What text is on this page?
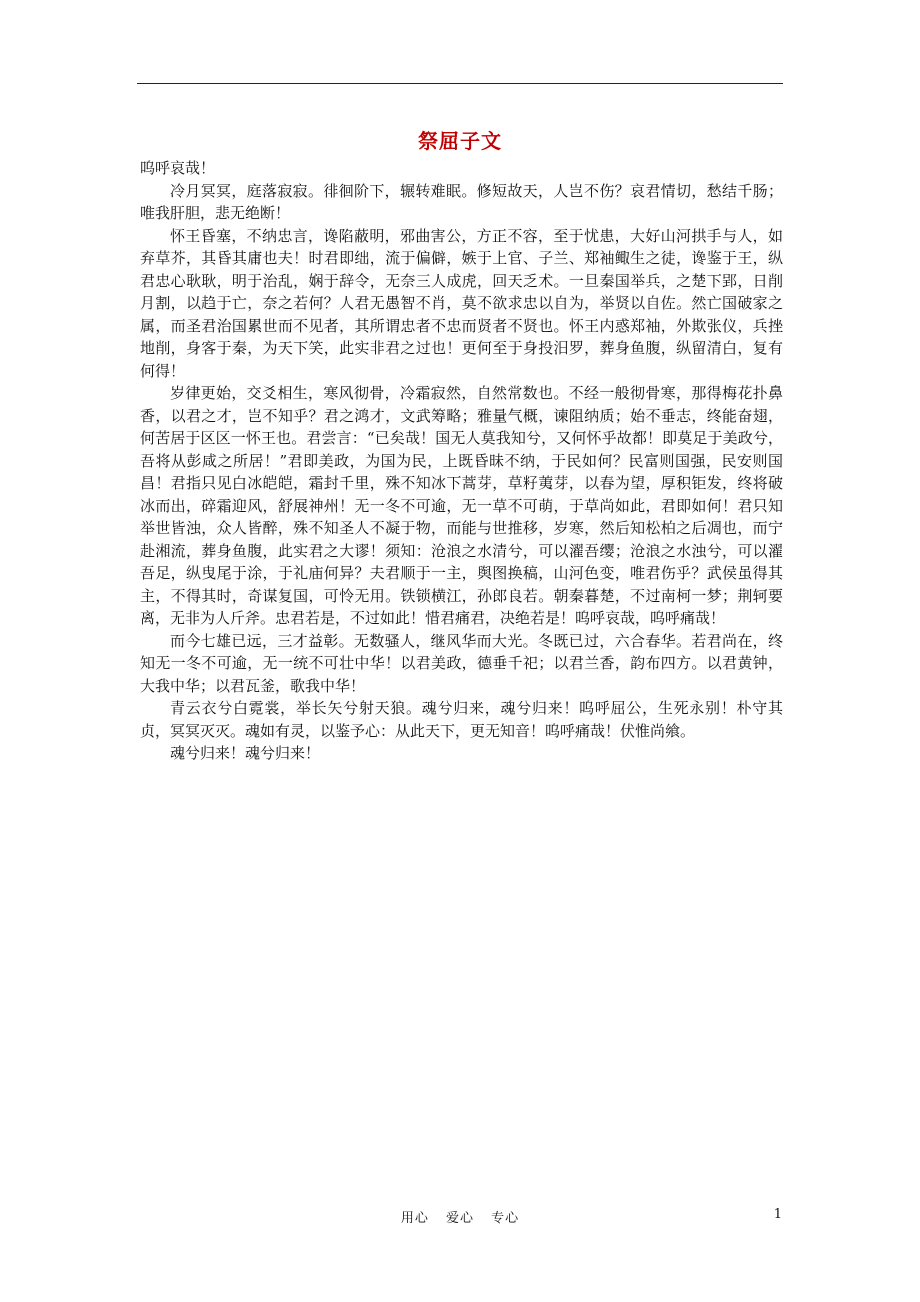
祭屈子文

呜呼哀哉！

冷月冥冥，庭落寂寂。徘徊阶下，辗转难眠。修短故天，人岂不伤？哀君情切，愁结千肠；唯我肝胆，悲无绝断！

怀王昏塞，不纳忠言，谗陷蔽明，邪曲害公，方正不容，至于忧患，大好山河拱手与人，如弃草芥，其昏其庸也夫！时君即绌，流于偏僻，嫉于上官、子兰、郑袖鲰生之徒，谗鉴于王，纵君忠心耿耿，明于治乱，娴于辞令，无奈三人成虎，回天乏术。一旦秦国举兵，之楚下郢，日削月割，以趋于亡，奈之若何？人君无愚智不肖，莫不欲求忠以自为，举贤以自佐。然亡国破家之属，而圣君治国累世而不见者，其所谓忠者不忠而贤者不贤也。怀王内惑郑袖，外欺张仪，兵挫地削，身客于秦，为天下笑，此实非君之过也！更何至于身投汨罗，葬身鱼腹，纵留清白，复有何得！

岁律更始，交爻相生，寒风彻骨，冷霜寂然，自然常数也。不经一般彻骨寒，那得梅花扑鼻香，以君之才，岂不知乎？君之鸿才，文武筹略；雅量气概，谏阻纳质；始不垂志，终能奋翅，何苦居于区区一怀王也。君尝言：“已矣哉！国无人莫我知兮，又何怀乎故都！即莫足于美政兮，吾将从彭咸之所居！”君即美政，为国为民，上既昏昧不纳，于民如何？民富则国强，民安则国昌！君指只见白冰皑皑，霜封千里，殊不知冰下蒿芽，草籽荑芽，以春为望，厚积钜发，终将破冰而出，碎霜迎风，舒展神州！无一冬不可逾，无一草不可萌，于草尚如此，君即如何！君只知举世皆浊，众人皆醉，殊不知圣人不凝于物，而能与世推移，岁寒，然后知松柏之后凋也，而宁赴湘流，葬身鱼腹，此实君之大谬！须知：沧浪之水清兮，可以濯吾缨；沧浪之水浊兮，可以濯吾足，纵曳尾于涂，于礼庙何异？夫君顺于一主，舆图换稿，山河色变，唯君伤乎？武侯虽得其主，不得其时，奇谋复国，可怜无用。铁锁横江，孙郎良若。朝秦暮楚，不过南柯一梦；荆轲要离，无非为人斤斧。忠君若是，不过如此！惜君痛君，决绝若是！呜呼哀哉，呜呼痛哉！

而今七雄已远，三才益彰。无数骚人，继风华而大光。冬既已过，六合春华。若君尚在，终知无一冬不可逾，无一统不可壮中华！以君美政，德垂千祀；以君兰香，韵布四方。以君黄钟，大我中华；以君瓦釜，歌我中华！

青云衣兮白霓裳，举长矢兮射天狼。魂兮归来，魂兮归来！呜呼屈公，生死永别！朴守其贞，冥冥灭灭。魂如有灵，以鉴予心：从此天下，更无知音！呜呼痛哉！伏惟尚飨。

魂兮归来！魂兮归来！

用心 爱心 专心	1
